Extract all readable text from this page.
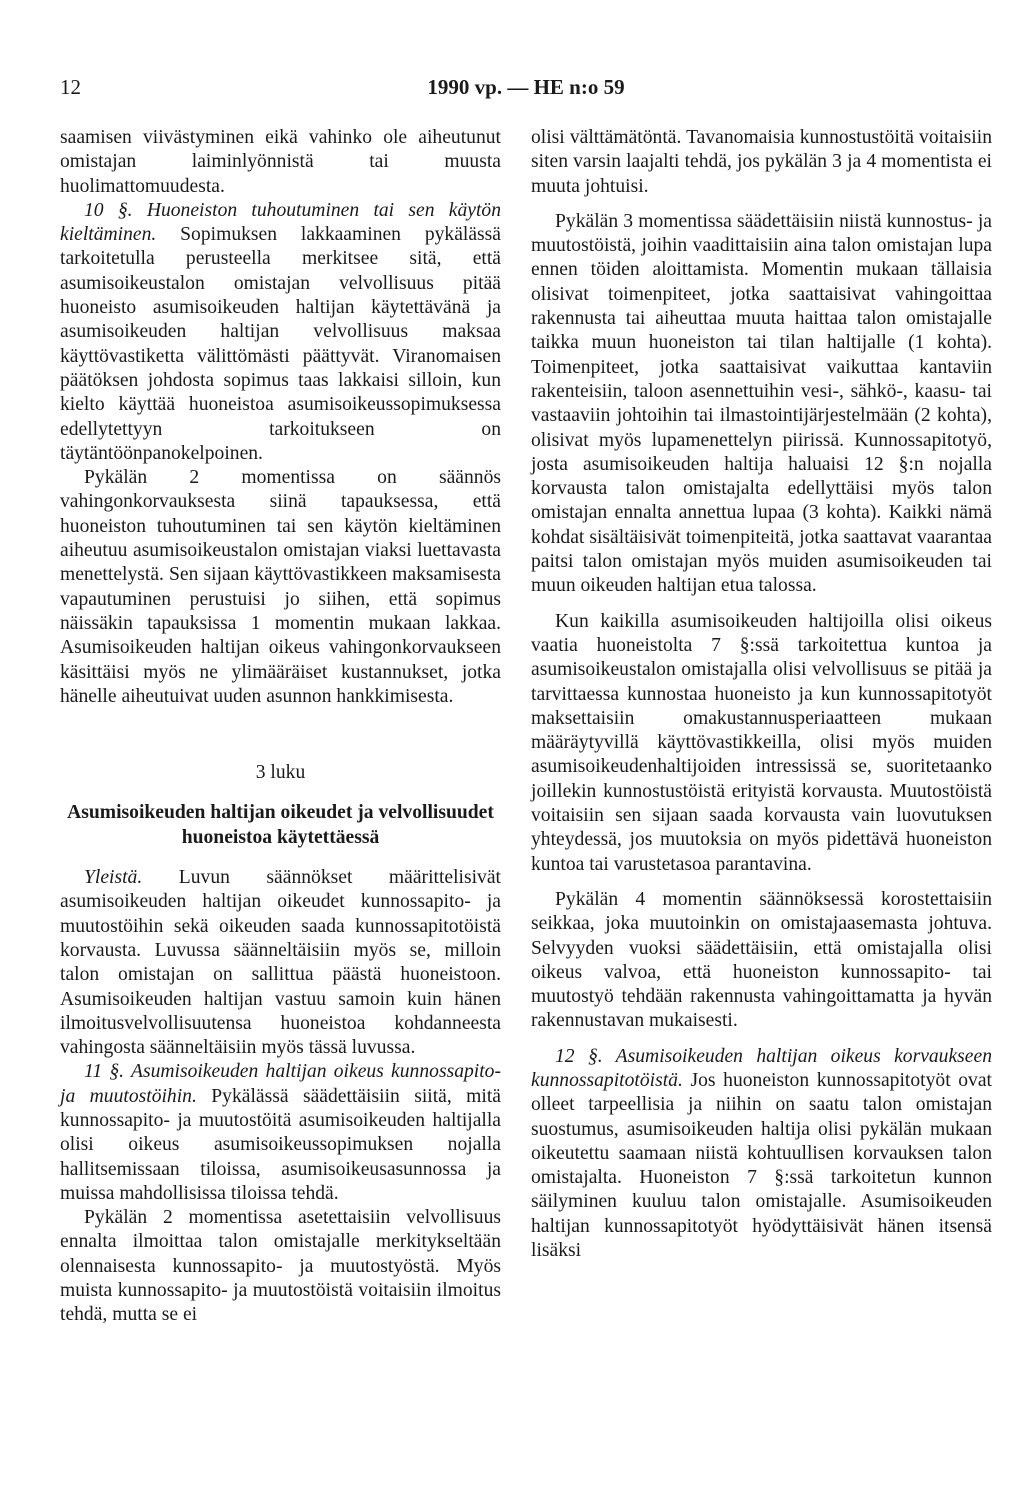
12	1990 vp. — HE n:o 59

saamisen viivästyminen eikä vahinko ole aiheutunut omistajan laiminlyönnistä tai muusta huolimattomuudesta.

10 §. Huoneiston tuhoutuminen tai sen käytön kieltäminen. Sopimuksen lakkaaminen pykälässä tarkoitetulla perusteella merkitsee sitä, että asumisoikeustalon omistajan velvollisuus pitää huoneisto asumisoikeuden haltijan käytettävänä ja asumisoikeuden haltijan velvollisuus maksaa käyttövastiketta välittömästi päättyvät. Viranomaisen päätöksen johdosta sopimus taas lakkaisi silloin, kun kielto käyttää huoneistoa asumisoikeussopimuksessa edellytettyyn tarkoitukseen on täytäntöönpanokelpoinen.

Pykälän 2 momentissa on säännös vahingonkorvauksesta siinä tapauksessa, että huoneiston tuhoutuminen tai sen käytön kieltäminen aiheutuu asumisoikeustalon omistajan viaksi luettavasta menettelystä. Sen sijaan käyttövastikkeen maksamisesta vapautuminen perustuisi jo siihen, että sopimus näissäkin tapauksissa 1 momentin mukaan lakkaa. Asumisoikeuden haltijan oikeus vahingonkorvaukseen käsittäisi myös ne ylimääräiset kustannukset, jotka hänelle aiheutuivat uuden asunnon hankkimisesta.

3 luku

Asumisoikeuden haltijan oikeudet ja velvollisuudet huoneistoa käytettäessä

Yleistä. Luvun säännökset määrittelisivät asumisoikeuden haltijan oikeudet kunnossapito- ja muutostöihin sekä oikeuden saada kunnossapitotöistä korvausta. Luvussa säänneltäisiin myös se, milloin talon omistajan on sallittua päästä huoneistoon. Asumisoikeuden haltijan vastuu samoin kuin hänen ilmoitusvelvollisuutensa huoneistoa kohdanneesta vahingosta säänneltäisiin myös tässä luvussa.

11 §. Asumisoikeuden haltijan oikeus kunnossapito- ja muutostöihin. Pykälässä säädettäisiin siitä, mitä kunnossapito- ja muutostöitä asumisoikeuden haltijalla olisi oikeus asumisoikeussopimuksen nojalla hallitsemissaan tiloissa, asumisoikeusasunnossa ja muissa mahdollisissa tiloissa tehdä.

Pykälän 2 momentissa asetettaisiin velvollisuus ennalta ilmoittaa talon omistajalle merkitykseltään olennaisesta kunnossapito- ja muutostyöstä. Myös muista kunnossapito- ja muutostöistä voitaisiin ilmoitus tehdä, mutta se ei

olisi välttämätöntä. Tavanomaisia kunnostustöitä voitaisiin siten varsin laajalti tehdä, jos pykälän 3 ja 4 momentista ei muuta johtuisi.

Pykälän 3 momentissa säädettäisiin niistä kunnostus- ja muutostöistä, joihin vaadittaisiin aina talon omistajan lupa ennen töiden aloittamista. Momentin mukaan tällaisia olisivat toimenpiteet, jotka saattaisivat vahingoittaa rakennusta tai aiheuttaa muuta haittaa talon omistajalle taikka muun huoneiston tai tilan haltijalle (1 kohta). Toimenpiteet, jotka saattaisivat vaikuttaa kantaviin rakenteisiin, taloon asennettuihin vesi-, sähkö-, kaasu- tai vastaaviin johtoihin tai ilmastointijärjestelmään (2 kohta), olisivat myös lupamenettelyn piirissä. Kunnossapitotyö, josta asumisoikeuden haltija haluaisi 12 §:n nojalla korvausta talon omistajalta edellyttäisi myös talon omistajan ennalta annettua lupaa (3 kohta). Kaikki nämä kohdat sisältäisivät toimenpiteitä, jotka saattavat vaarantaa paitsi talon omistajan myös muiden asumisoikeuden tai muun oikeuden haltijan etua talossa.

Kun kaikilla asumisoikeuden haltijoilla olisi oikeus vaatia huoneistolta 7 §:ssä tarkoitettua kuntoa ja asumisoikeustalon omistajalla olisi velvollisuus se pitää ja tarvittaessa kunnostaa huoneisto ja kun kunnossapitotyöt maksettaisiin omakustannusperiaatteen mukaan määräytyvillä käyttövastikkeilla, olisi myös muiden asumisoikeudenhaltijoiden intressissä se, suoritetaanko joillekin kunnostustöistä erityistä korvausta. Muutostöistä voitaisiin sen sijaan saada korvausta vain luovutuksen yhteydessä, jos muutoksia on myös pidettävä huoneiston kuntoa tai varustetasoa parantavina.

Pykälän 4 momentin säännöksessä korostettaisiin seikkaa, joka muutoinkin on omistajaasemasta johtuva. Selvyyden vuoksi säädettäisiin, että omistajalla olisi oikeus valvoa, että huoneiston kunnossapito- tai muutostyö tehdään rakennusta vahingoittamatta ja hyvän rakennustavan mukaisesti.

12 §. Asumisoikeuden haltijan oikeus korvaukseen kunnossapitotöistä. Jos huoneiston kunnossapitotyöt ovat olleet tarpeellisia ja niihin on saatu talon omistajan suostumus, asumisoikeuden haltija olisi pykälän mukaan oikeutettu saamaan niistä kohtuullisen korvauksen talon omistajalta. Huoneiston 7 §:ssä tarkoitetun kunnon säilyminen kuuluu talon omistajalle. Asumisoikeuden haltijan kunnossapitotyöt hyödyttäisivät hänen itsensä lisäksi
